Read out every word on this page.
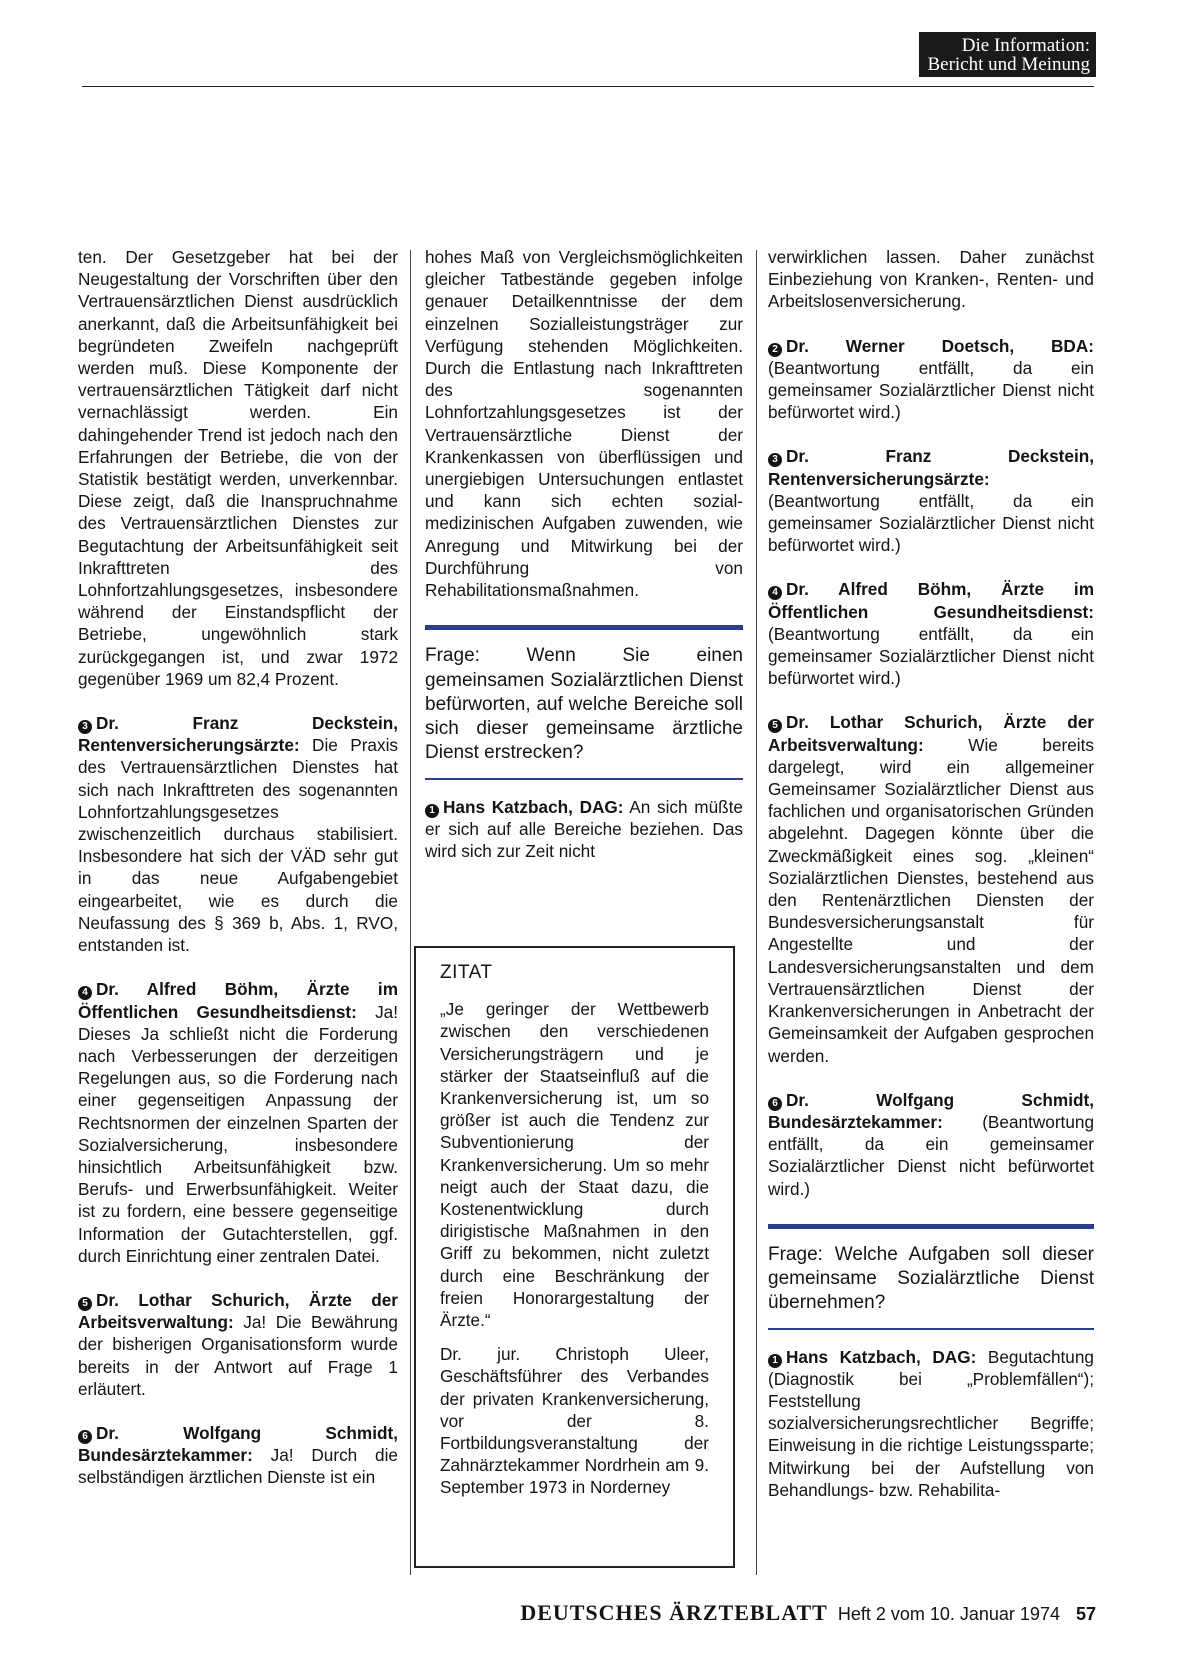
Die Information:
Bericht und Meinung

ten. Der Gesetzgeber hat bei der Neugestaltung der Vorschriften über den Vertrauensärztlichen Dienst ausdrücklich anerkannt, daß die Arbeitsunfähigkeit bei begründeten Zweifeln nachgeprüft werden muß. Diese Komponente der vertrauensärztlichen Tätigkeit darf nicht vernachlässigt werden. Ein dahingehender Trend ist jedoch nach den Erfahrungen der Betriebe, die von der Statistik bestätigt werden, unverkennbar. Diese zeigt, daß die Inanspruchnahme des Vertrauensärztlichen Dienstes zur Begutachtung der Arbeitsunfähigkeit seit Inkrafttreten des Lohnfortzahlungsgesetzes, insbesondere während der Einstandspflicht der Betriebe, ungewöhnlich stark zurückgegangen ist, und zwar 1972 gegenüber 1969 um 82,4 Prozent.

3 Dr. Franz Deckstein, Rentenversicherungsärzte: Die Praxis des Vertrauensärztlichen Dienstes hat sich nach Inkrafttreten des sogenannten Lohnfortzahlungsgesetzes zwischenzeitlich durchaus stabilisiert. Insbesondere hat sich der VÄD sehr gut in das neue Aufgabengebiet eingearbeitet, wie es durch die Neufassung des § 369 b, Abs. 1, RVO, entstanden ist.

4 Dr. Alfred Böhm, Ärzte im Öffentlichen Gesundheitsdienst: Ja! Dieses Ja schließt nicht die Forderung nach Verbesserungen der derzeitigen Regelungen aus, so die Forderung nach einer gegenseitigen Anpassung der Rechtsnormen der einzelnen Sparten der Sozialversicherung, insbesondere hinsichtlich Arbeitsunfähigkeit bzw. Berufs- und Erwerbsunfähigkeit. Weiter ist zu fordern, eine bessere gegenseitige Information der Gutachterstellen, ggf. durch Einrichtung einer zentralen Datei.

5 Dr. Lothar Schurich, Ärzte der Arbeitsverwaltung: Ja! Die Bewährung der bisherigen Organisationsform wurde bereits in der Antwort auf Frage 1 erläutert.

6 Dr. Wolfgang Schmidt, Bundesärztekammer: Ja! Durch die selbständigen ärztlichen Dienste ist ein

hohes Maß von Vergleichsmöglichkeiten gleicher Tatbestände gegeben infolge genauer Detailkenntnisse der dem einzelnen Sozialleistungsträger zur Verfügung stehenden Möglichkeiten. Durch die Entlastung nach Inkrafttreten des sogenannten Lohnfortzahlungsgesetzes ist der Vertrauensärztliche Dienst der Krankenkassen von überflüssigen und unergiebigen Untersuchungen entlastet und kann sich echten sozial-medizinischen Aufgaben zuwenden, wie Anregung und Mitwirkung bei der Durchführung von Rehabilitationsmaßnahmen.

Frage: Wenn Sie einen gemeinsamen Sozialärztlichen Dienst befürworten, auf welche Bereiche soll sich dieser gemeinsame ärztliche Dienst erstrecken?

1 Hans Katzbach, DAG: An sich müßte er sich auf alle Bereiche beziehen. Das wird sich zur Zeit nicht

ZITAT

„Je geringer der Wettbewerb zwischen den verschiedenen Versicherungsträgern und je stärker der Staatseinfluß auf die Krankenversicherung ist, um so größer ist auch die Tendenz zur Subventionierung der Krankenversicherung. Um so mehr neigt auch der Staat dazu, die Kostenentwicklung durch dirigistische Maßnahmen in den Griff zu bekommen, nicht zuletzt durch eine Beschränkung der freien Honorargestaltung der Ärzte.“

Dr. jur. Christoph Uleer, Geschäftsführer des Verbandes der privaten Krankenversicherung, vor der 8. Fortbildungsveranstaltung der Zahnärztekammer Nordrhein am 9. September 1973 in Norderney

verwirklichen lassen. Daher zunächst Einbeziehung von Kranken-, Renten- und Arbeitslosenversicherung.

2 Dr. Werner Doetsch, BDA: (Beantwortung entfällt, da ein gemeinsamer Sozialärztlicher Dienst nicht befürwortet wird.)

3 Dr. Franz Deckstein, Rentenversicherungsärzte: (Beantwortung entfällt, da ein gemeinsamer Sozialärztlicher Dienst nicht befürwortet wird.)

4 Dr. Alfred Böhm, Ärzte im Öffentlichen Gesundheitsdienst: (Beantwortung entfällt, da ein gemeinsamer Sozialärztlicher Dienst nicht befürwortet wird.)

5 Dr. Lothar Schurich, Ärzte der Arbeitsverwaltung: Wie bereits dargelegt, wird ein allgemeiner Gemeinsamer Sozialärztlicher Dienst aus fachlichen und organisatorischen Gründen abgelehnt. Dagegen könnte über die Zweckmäßigkeit eines sog. „kleinen“ Sozialärztlichen Dienstes, bestehend aus den Rentenärztlichen Diensten der Bundesversicherungsanstalt für Angestellte und der Landesversicherungsanstalten und dem Vertrauensärztlichen Dienst der Krankenversicherungen in Anbetracht der Gemeinsamkeit der Aufgaben gesprochen werden.

6 Dr. Wolfgang Schmidt, Bundesärztekammer: (Beantwortung entfällt, da ein gemeinsamer Sozialärztlicher Dienst nicht befürwortet wird.)

Frage: Welche Aufgaben soll dieser gemeinsame Sozialärztliche Dienst übernehmen?

1 Hans Katzbach, DAG: Begutachtung (Diagnostik bei „Problemfällen“); Feststellung sozialversicherungsrechtlicher Begriffe; Einweisung in die richtige Leistungssparte; Mitwirkung bei der Aufstellung von Behandlungs- bzw. Rehabilita-

DEUTSCHES ÄRZTEBLATT Heft 2 vom 10. Januar 1974 57
